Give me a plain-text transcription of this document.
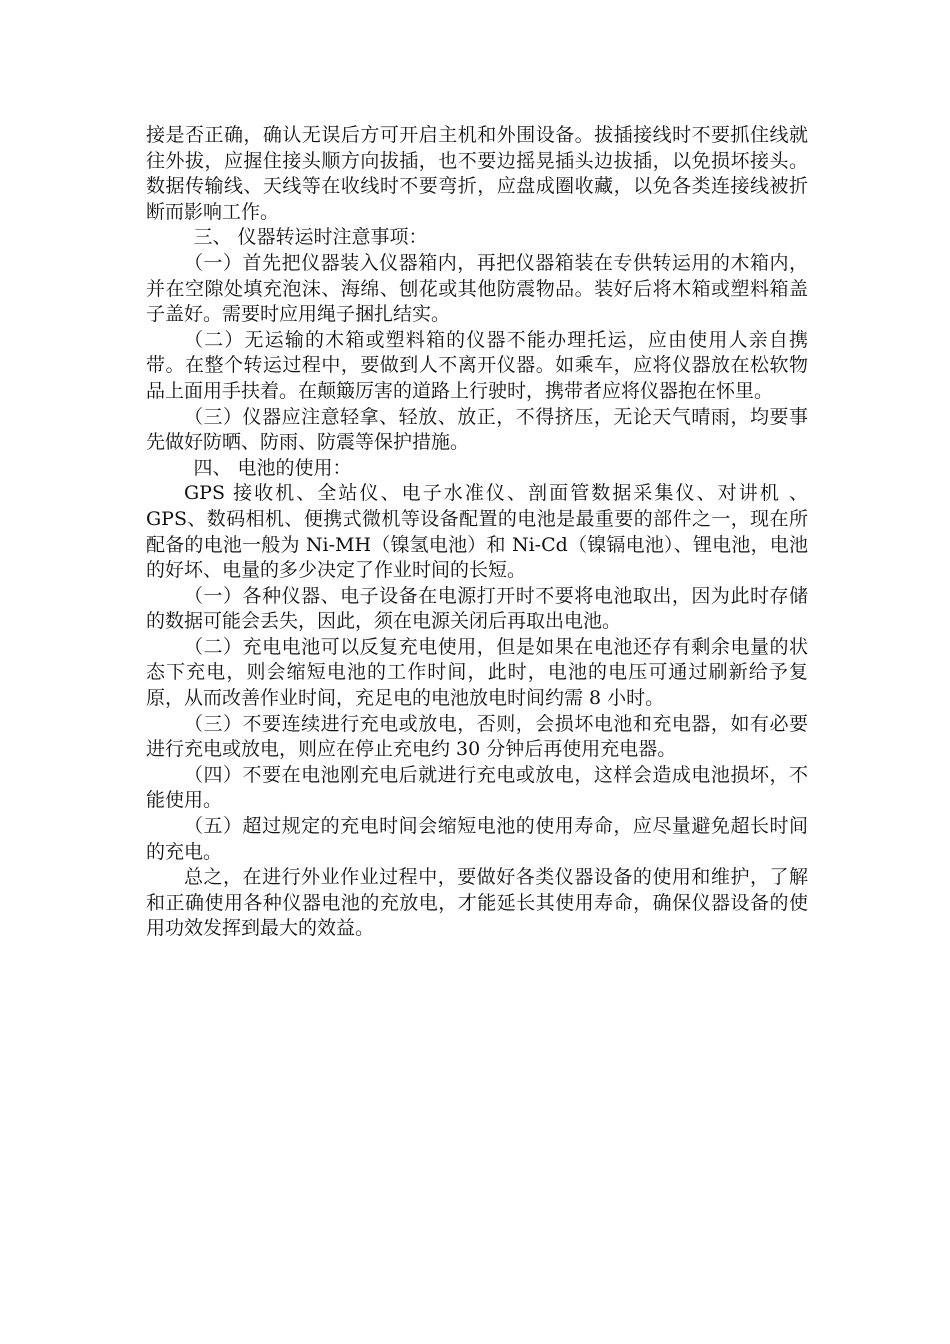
接是否正确，确认无误后方可开启主机和外围设备。拔插接线时不要抓住线就往外拔，应握住接头顺方向拔插，也不要边摇晃插头边拔插，以免损坏接头。数据传输线、天线等在收线时不要弯折，应盘成圈收藏，以免各类连接线被折断而影响工作。

三、 仪器转运时注意事项：

（一）首先把仪器装入仪器箱内，再把仪器箱装在专供转运用的木箱内，并在空隙处填充泡沫、海绵、刨花或其他防震物品。装好后将木箱或塑料箱盖子盖好。需要时应用绳子捆扎结实。

（二）无运输的木箱或塑料箱的仪器不能办理托运，应由使用人亲自携带。在整个转运过程中，要做到人不离开仪器。如乘车，应将仪器放在松软物品上面用手扶着。在颠簸厉害的道路上行驶时，携带者应将仪器抱在怀里。

（三）仪器应注意轻拿、轻放、放正，不得挤压，无论天气晴雨，均要事先做好防晒、防雨、防震等保护措施。

四、 电池的使用：

GPS 接收机、全站仪、电子水准仪、剖面管数据采集仪、对讲机 、GPS、数码相机、便携式微机等设备配置的电池是最重要的部件之一，现在所配备的电池一般为 Ni-MH（镍氢电池）和 Ni-Cd（镍镉电池）、锂电池，电池的好坏、电量的多少决定了作业时间的长短。

（一）各种仪器、电子设备在电源打开时不要将电池取出，因为此时存储的数据可能会丢失，因此，须在电源关闭后再取出电池。

（二）充电电池可以反复充电使用，但是如果在电池还存有剩余电量的状态下充电，则会缩短电池的工作时间，此时，电池的电压可通过刷新给予复原，从而改善作业时间，充足电的电池放电时间约需 8 小时。

（三）不要连续进行充电或放电，否则，会损坏电池和充电器，如有必要进行充电或放电，则应在停止充电约 30 分钟后再使用充电器。

（四）不要在电池刚充电后就进行充电或放电，这样会造成电池损坏，不能使用。

（五）超过规定的充电时间会缩短电池的使用寿命，应尽量避免超长时间的充电。

总之，在进行外业作业过程中，要做好各类仪器设备的使用和维护，了解和正确使用各种仪器电池的充放电，才能延长其使用寿命，确保仪器设备的使用功效发挥到最大的效益。
